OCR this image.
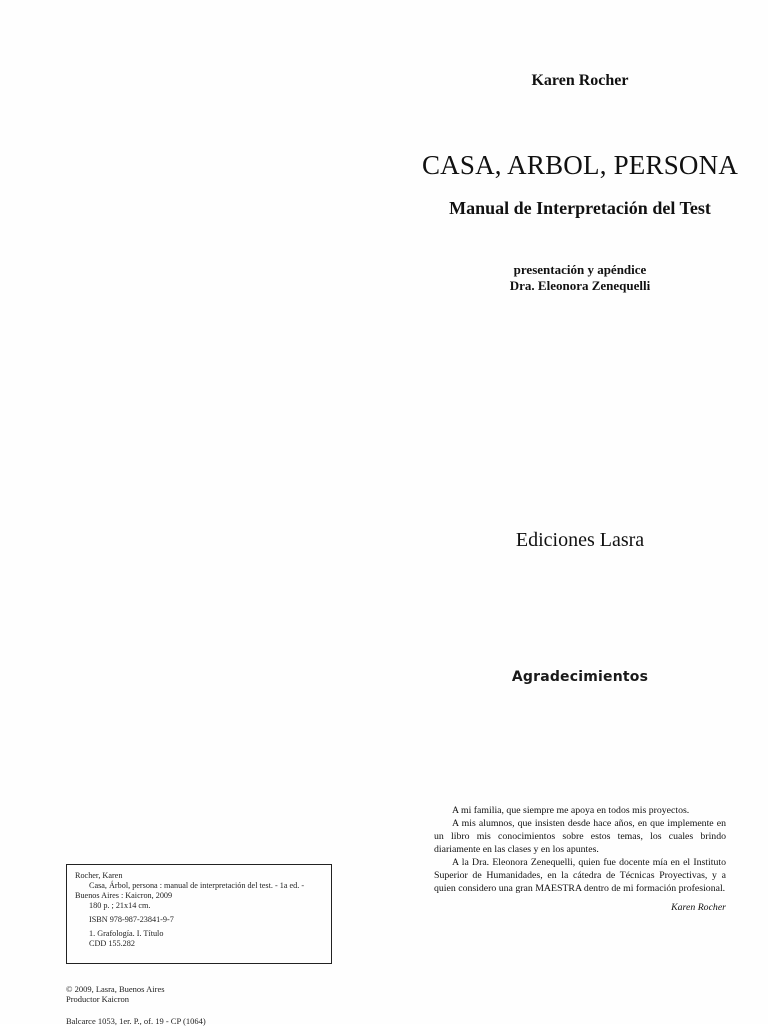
Karen Rocher
CASA, ARBOL, PERSONA
Manual de Interpretación del Test
presentación y apéndice
Dra. Eleonora Zenequelli
Ediciones Lasra
Agradecimientos

A mi familia, que siempre me apoya en todos mis proyectos.

A mis alumnos, que insisten desde hace años, en que implemente en un libro mis conocimientos sobre estos temas, los cuales brindo diariamente en las clases y en los apuntes.

A la Dra. Eleonora Zenequelli, quien fue docente mía en el Instituto Superior de Humanidades, en la cátedra de Técnicas Proyectivas, y a quien considero una gran MAESTRA dentro de mi formación profesional.

Karen Rocher
Rocher, Karen
Casa, Árbol, persona : manual de interpretación del test. - 1a ed. -
Buenos Aires : Kaicron, 2009
180 p. ; 21x14 cm.
ISBN 978-987-23841-9-7
1. Grafología. I. Título
CDD 155.282
© 2009, Lasra, Buenos Aires
Productor Kaicron
Balcarce 1053, 1er. P., of. 19 - CP (1064)
